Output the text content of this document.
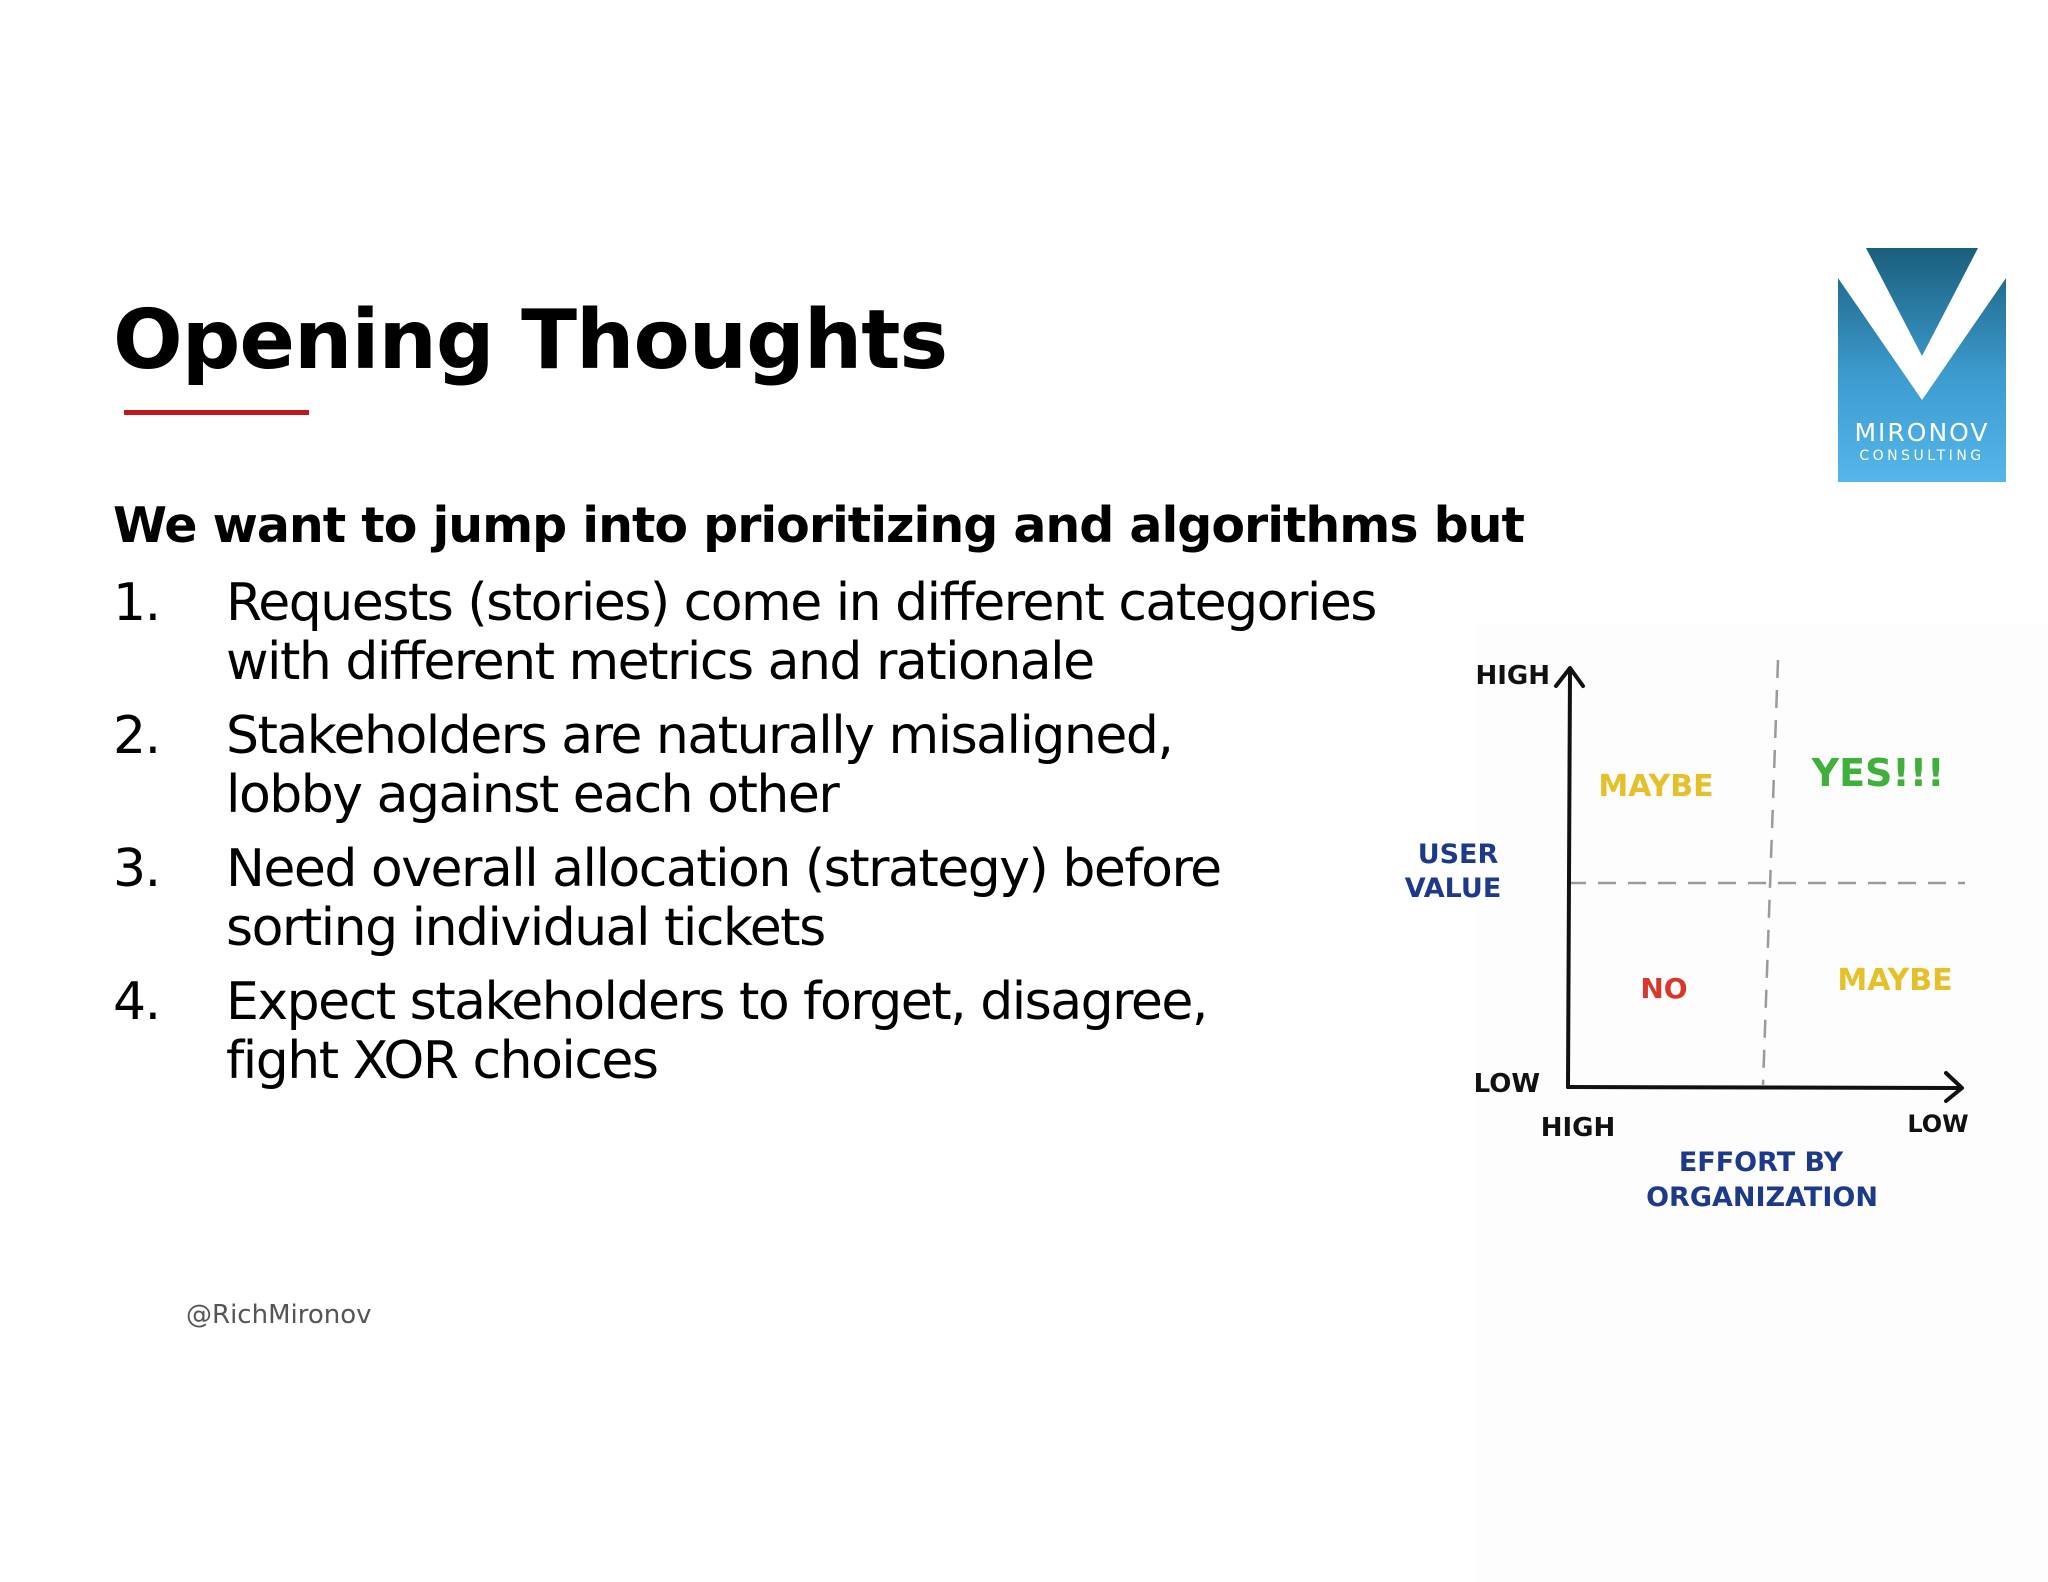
Opening Thoughts
We want to jump into prioritizing and algorithms but
1. Requests (stories) come in different categories
with different metrics and rationale
2. Stakeholders are naturally misaligned,
lobby against each other
3. Need overall allocation (strategy) before
sorting individual tickets
4. Expect stakeholders to forget, disagree,
fight XOR choices
@RichMironov
MIRONOV
CONSULTING
HIGH
LOW
HIGH	LOW
USER
VALUE
EFFORT BY
ORGANIZATION
MAYBE	YES!!!
NO	MAYBE
